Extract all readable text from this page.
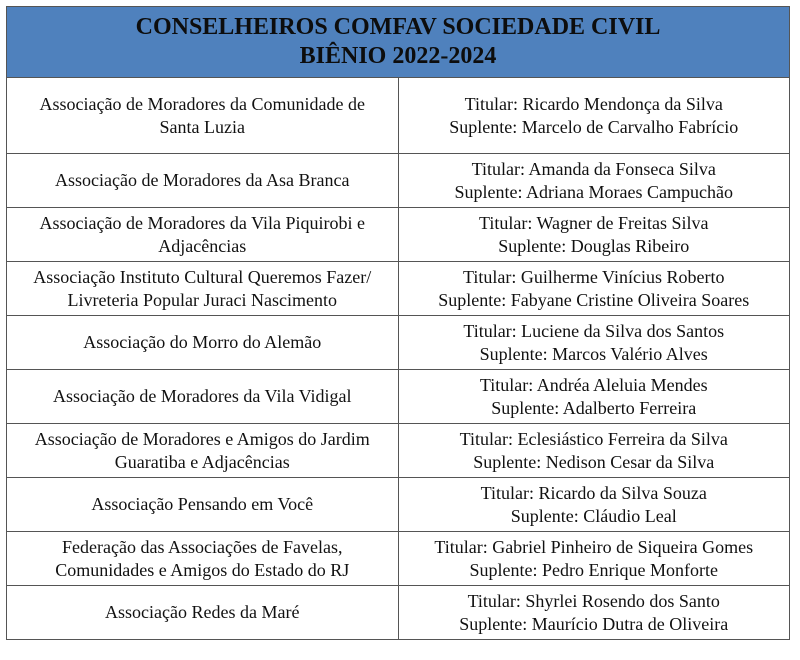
CONSELHEIROS COMFAV SOCIEDADE CIVIL
BIÊNIO 2022-2024	

Associação de Moradores da Comunidade de
Santa Luzia	Titular: Ricardo Mendonça da Silva
Suplente: Marcelo de Carvalho Fabrício

Associação de Moradores da Asa Branca	Titular: Amanda da Fonseca Silva
Suplente: Adriana Moraes Campuchão

Associação de Moradores da Vila Piquirobi e
Adjacências	Titular: Wagner de Freitas Silva
Suplente: Douglas Ribeiro

Associação Instituto Cultural Queremos Fazer/
Livreteria Popular Juraci Nascimento	Titular: Guilherme Vinícius Roberto
Suplente: Fabyane Cristine Oliveira Soares

Associação do Morro do Alemão	Titular: Luciene da Silva dos Santos
Suplente: Marcos Valério Alves

Associação de Moradores da Vila Vidigal	Titular: Andréa Aleluia Mendes
Suplente: Adalberto Ferreira

Associação de Moradores e Amigos do Jardim
Guaratiba e Adjacências	Titular: Eclesiástico Ferreira da Silva
Suplente: Nedison Cesar da Silva

Associação Pensando em Você	Titular: Ricardo da Silva Souza
Suplente: Cláudio Leal

Federação das Associações de Favelas,
Comunidades e Amigos do Estado do RJ	Titular: Gabriel Pinheiro de Siqueira Gomes
Suplente: Pedro Enrique Monforte

Associação Redes da Maré	Titular: Shyrlei Rosendo dos Santo
Suplente: Maurício Dutra de Oliveira
